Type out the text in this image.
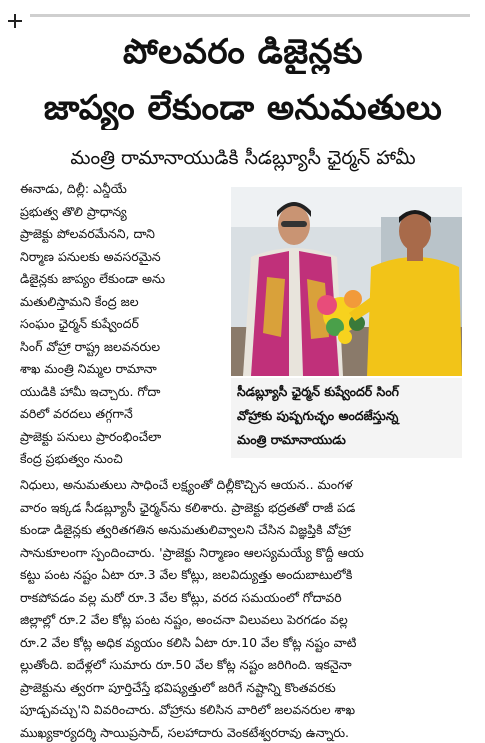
పోలవరం డిజైన్లకు
జాప్యం లేకుండా అనుమతులు
మంత్రి రామానాయుడికి సీడబ్ల్యూసీ ఛైర్మన్ హామీ

ఈనాడు, దిల్లీ: ఎన్డీయే

ప్రభుత్వ తొలి ప్రాధాన్య

ప్రాజెక్టు పోలవరమేనని, దాని

నిర్మాణ పనులకు అవసరమైన

డిజైన్లకు జాప్యం లేకుండా అను

మతులిస్తామని కేంద్ర జల

సంఘం ఛైర్మన్ కుష్వేందర్

సింగ్ వోహ్రా రాష్ట్ర జలవనరుల

శాఖ మంత్రి నిమ్మల రామానా

యుడికి హామీ ఇచ్చారు. గోదా

వరిలో వరదలు తగ్గగానే

ప్రాజెక్టు పనులు ప్రారంభించేలా

కేంద్ర ప్రభుత్వం నుంచి

సీడబ్ల్యూసీ ఛైర్మన్ కుష్వేందర్ సింగ్
వోహ్రాకు పుష్పగుచ్ఛం అందజేస్తున్న
మంత్రి రామానాయుడు

నిధులు, అనుమతులు సాధించే లక్ష్యంతో దిల్లీకొచ్చిన ఆయన.. మంగళ

వారం ఇక్కడ సీడబ్ల్యూసీ ఛైర్మన్‌ను కలిశారు. ప్రాజెక్టు భద్రతతో రాజీ పడ

కుండా డిజైన్లకు త్వరితగతిన అనుమతులివ్వాలని చేసిన విజ్ఞప్తికి వోహ్రా

సానుకూలంగా స్పందించారు. 'ప్రాజెక్టు నిర్మాణం ఆలస్యమయ్యే కొద్దీ ఆయ

కట్టు పంట నష్టం ఏటా రూ.3 వేల కోట్లు, జలవిద్యుత్తు అందుబాటులోకి

రాకపోవడం వల్ల మరో రూ.3 వేల కోట్లు, వరద సమయంలో గోదావరి

జిల్లాల్లో రూ.2 వేల కోట్ల పంట నష్టం, అంచనా విలువలు పెరగడం వల్ల

రూ.2 వేల కోట్ల అధిక వ్యయం కలిసి ఏటా రూ.10 వేల కోట్ల నష్టం వాటి

ల్లుతోంది. ఐదేళ్లలో సుమారు రూ.50 వేల కోట్ల నష్టం జరిగింది. ఇకనైనా

ప్రాజెక్టును త్వరగా పూర్తిచేస్తే భవిష్యత్తులో జరిగే నష్టాన్ని కొంతవరకు

పూడ్చవచ్చు'ని వివరించారు. వోహ్రాను కలిసిన వారిలో జలవనరుల శాఖ

ముఖ్యకార్యదర్శి సాయిప్రసాద్, సలహాదారు వెంకటేశ్వరరావు ఉన్నారు.
